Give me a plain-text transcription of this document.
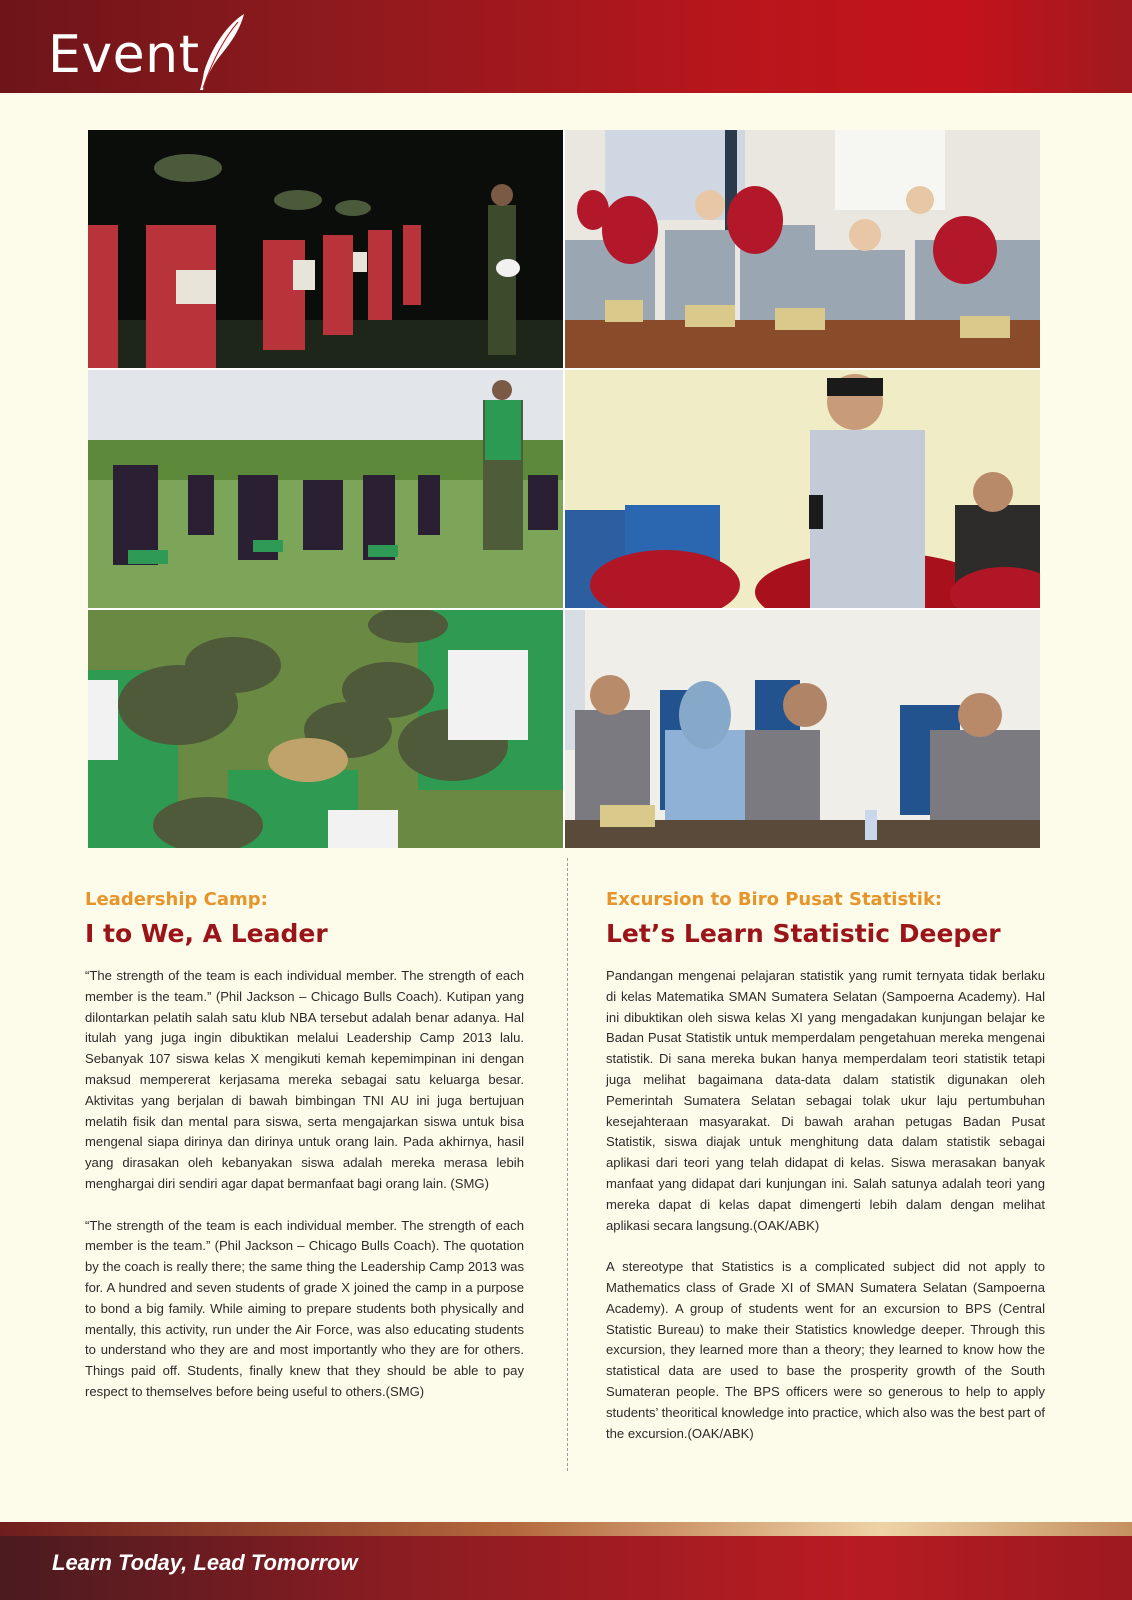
Event
Leadership Camp:
I to We, A Leader

“The strength of the team is each individual member. The strength of each member is the team.” (Phil Jackson – Chicago Bulls Coach). Kutipan yang dilontarkan pelatih salah satu klub NBA tersebut adalah benar adanya. Hal itulah yang juga ingin dibuktikan melalui Leadership Camp 2013 lalu. Sebanyak 107 siswa kelas X mengikuti kemah kepemimpinan ini dengan maksud mempererat kerjasama mereka sebagai satu keluarga besar. Aktivitas yang berjalan di bawah bimbingan TNI AU ini juga bertujuan melatih fisik dan mental para siswa, serta mengajarkan siswa untuk bisa mengenal siapa dirinya dan dirinya untuk orang lain. Pada akhirnya, hasil yang dirasakan oleh kebanyakan siswa adalah mereka merasa lebih menghargai diri sendiri agar dapat bermanfaat bagi orang lain. (SMG)

“The strength of the team is each individual member. The strength of each member is the team.” (Phil Jackson – Chicago Bulls Coach). The quotation by the coach is really there; the same thing the Leadership Camp 2013 was for. A hundred and seven students of grade X joined the camp in a purpose to bond a big family. While aiming to prepare students both physically and mentally, this activity, run under the Air Force, was also educating students to understand who they are and most importantly who they are for others. Things paid off. Students, finally knew that they should be able to pay respect to themselves before being useful to others.(SMG)

Excursion to Biro Pusat Statistik:
Let’s Learn Statistic Deeper

Pandangan mengenai pelajaran statistik yang rumit ternyata tidak berlaku di kelas Matematika SMAN Sumatera Selatan (Sampoerna Academy). Hal ini dibuktikan oleh siswa kelas XI yang mengadakan kunjungan belajar ke Badan Pusat Statistik untuk memperdalam pengetahuan mereka mengenai statistik. Di sana mereka bukan hanya memperdalam teori statistik tetapi juga melihat bagaimana data-data dalam statistik digunakan oleh Pemerintah Sumatera Selatan sebagai tolak ukur laju pertumbuhan kesejahteraan masyarakat. Di bawah arahan petugas Badan Pusat Statistik, siswa diajak untuk menghitung data dalam statistik sebagai aplikasi dari teori yang telah didapat di kelas. Siswa merasakan banyak manfaat yang didapat dari kunjungan ini. Salah satunya adalah teori yang mereka dapat di kelas dapat dimengerti lebih dalam dengan melihat aplikasi secara langsung.(OAK/ABK)

A stereotype that Statistics is a complicated subject did not apply to Mathematics class of Grade XI of SMAN Sumatera Selatan (Sampoerna Academy). A group of students went for an excursion to BPS (Central Statistic Bureau) to make their Statistics knowledge deeper. Through this excursion, they learned more than a theory; they learned to know how the statistical data are used to base the prosperity growth of the South Sumateran people. The BPS officers were so generous to help to apply students’ theoritical knowledge into practice, which also was the best part of the excursion.(OAK/ABK)

Learn Today, Lead Tomorrow
